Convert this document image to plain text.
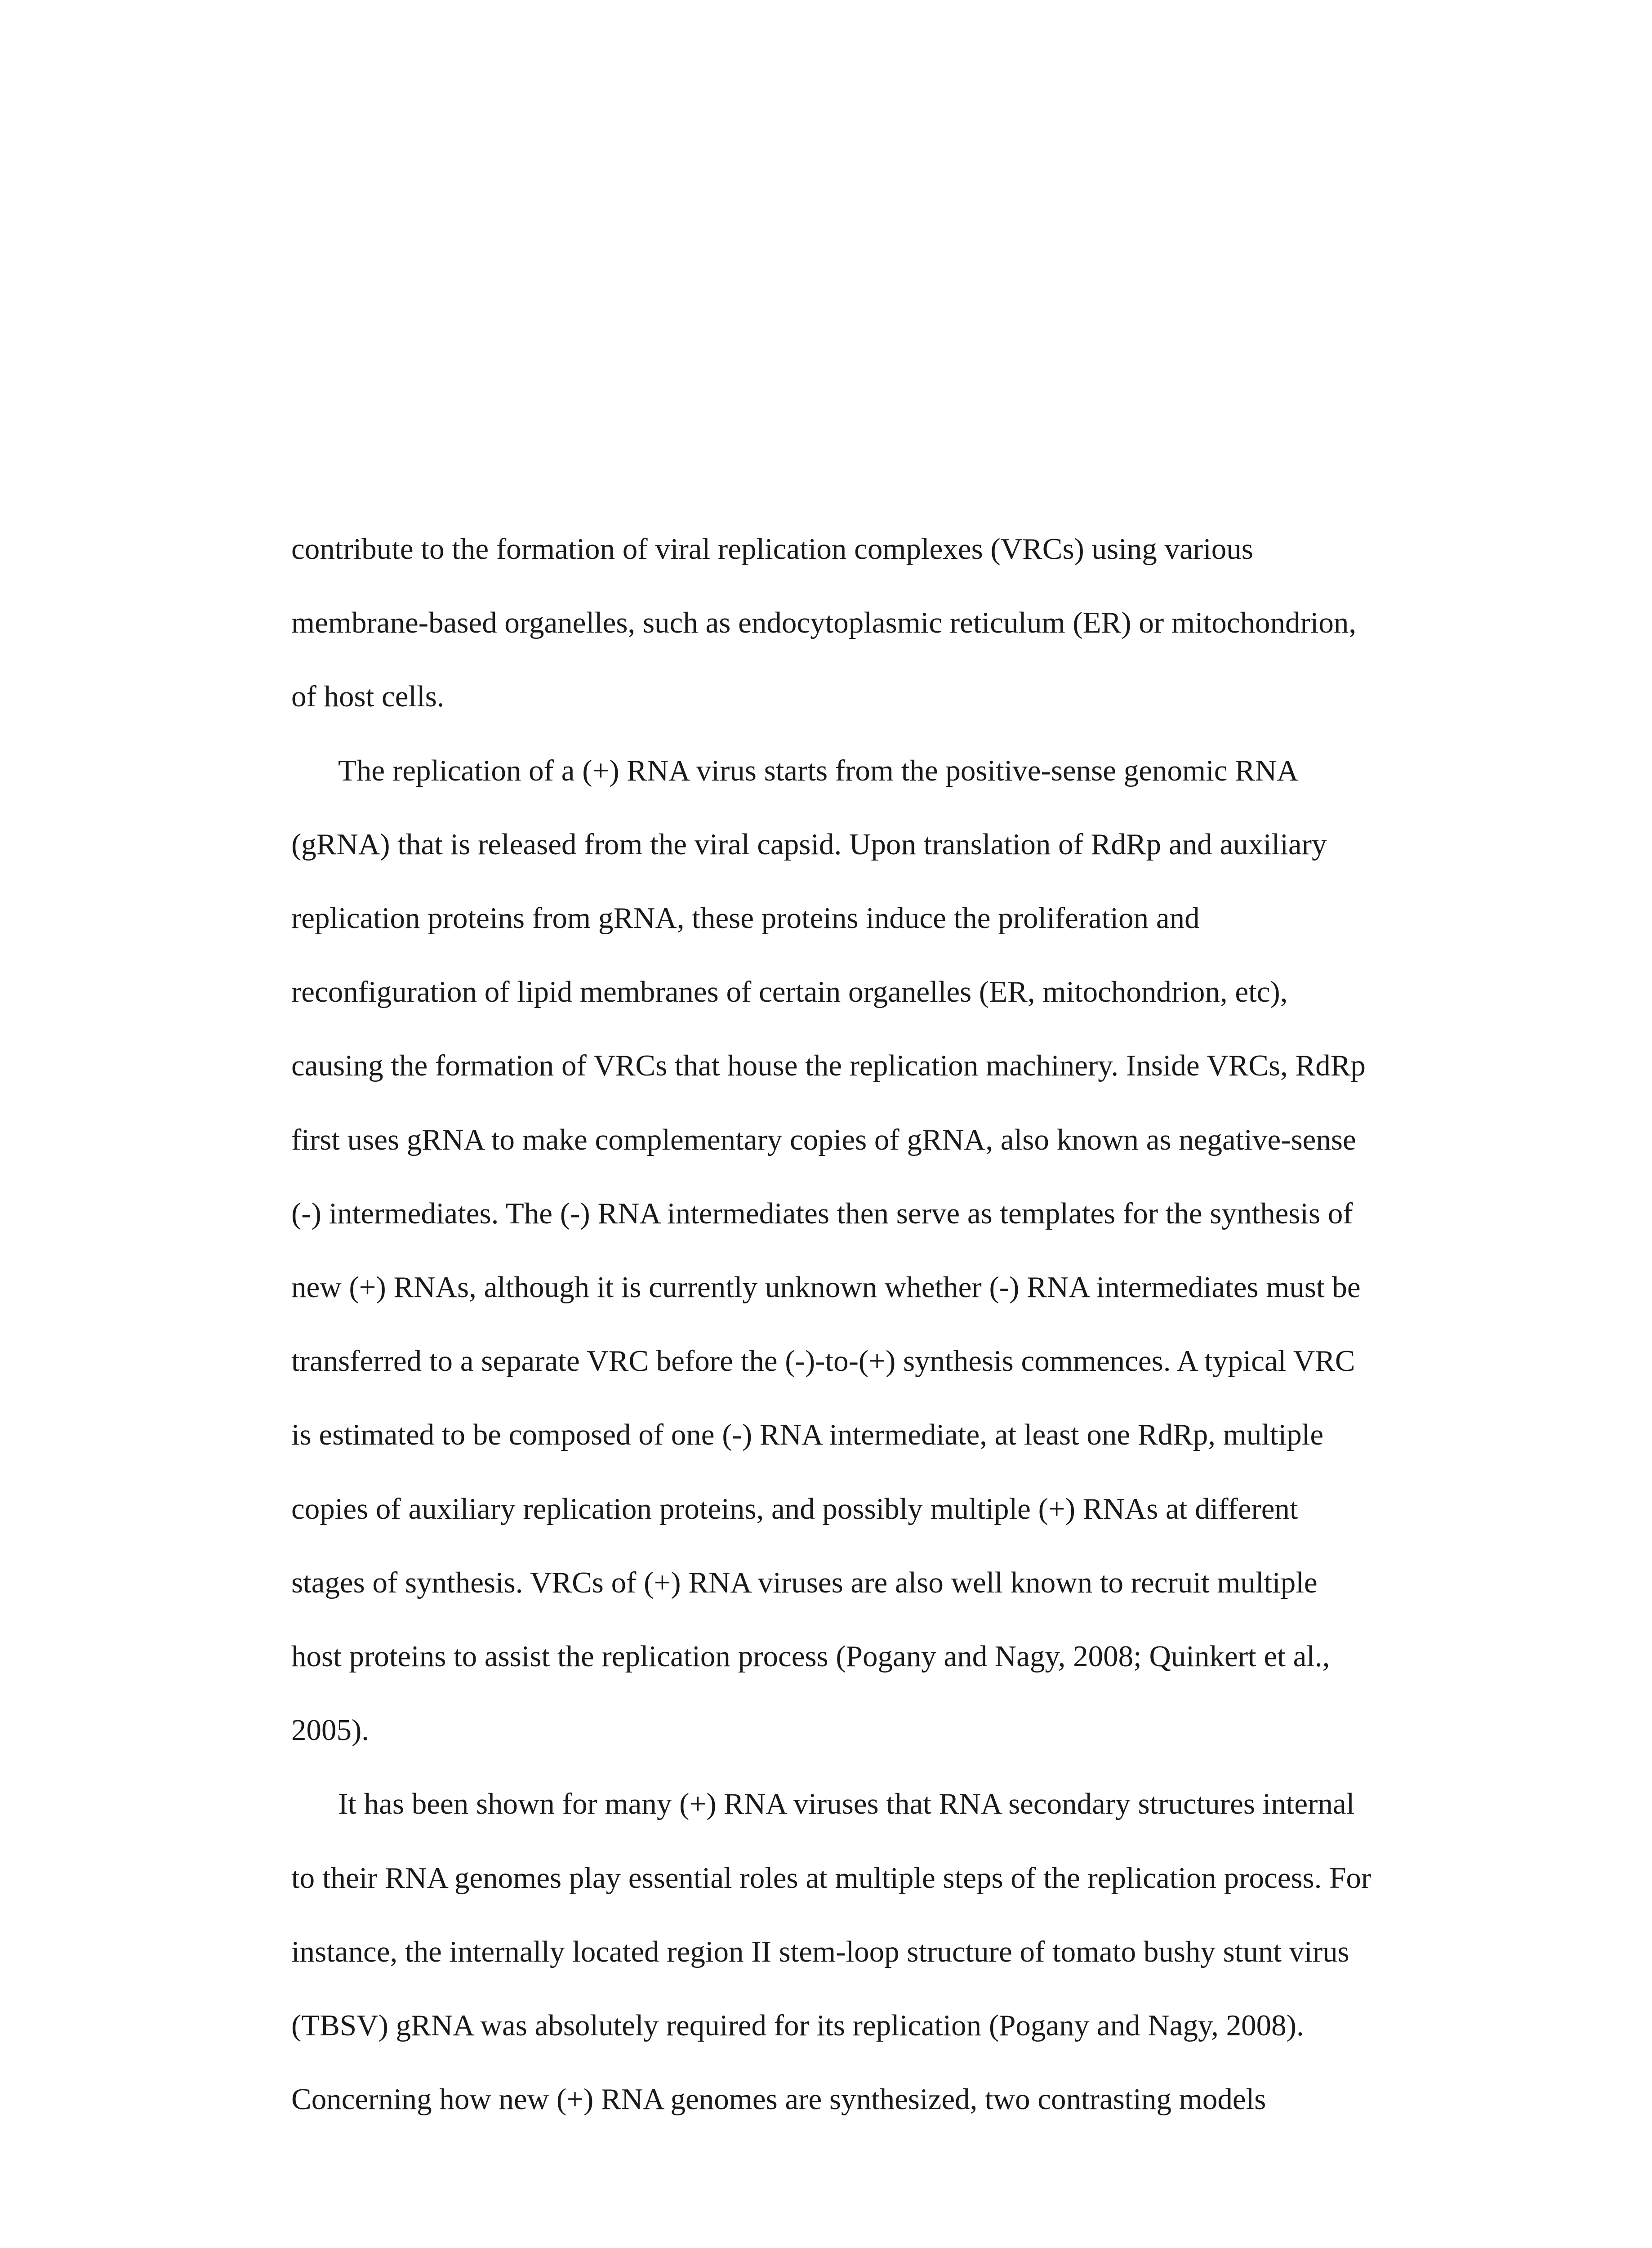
contribute to the formation of viral replication complexes (VRCs) using various
membrane-based organelles, such as endocytoplasmic reticulum (ER) or mitochondrion,
of host cells.

The replication of a (+) RNA virus starts from the positive-sense genomic RNA
(gRNA) that is released from the viral capsid. Upon translation of RdRp and auxiliary
replication proteins from gRNA, these proteins induce the proliferation and
reconfiguration of lipid membranes of certain organelles (ER, mitochondrion, etc),
causing the formation of VRCs that house the replication machinery. Inside VRCs, RdRp
first uses gRNA to make complementary copies of gRNA, also known as negative-sense
(-) intermediates. The (-) RNA intermediates then serve as templates for the synthesis of
new (+) RNAs, although it is currently unknown whether (-) RNA intermediates must be
transferred to a separate VRC before the (-)-to-(+) synthesis commences. A typical VRC
is estimated to be composed of one (-) RNA intermediate, at least one RdRp, multiple
copies of auxiliary replication proteins, and possibly multiple (+) RNAs at different
stages of synthesis. VRCs of (+) RNA viruses are also well known to recruit multiple
host proteins to assist the replication process (Pogany and Nagy, 2008; Quinkert et al.,
2005).

It has been shown for many (+) RNA viruses that RNA secondary structures internal
to their RNA genomes play essential roles at multiple steps of the replication process. For
instance, the internally located region II stem-loop structure of tomato bushy stunt virus
(TBSV) gRNA was absolutely required for its replication (Pogany and Nagy, 2008).
Concerning how new (+) RNA genomes are synthesized, two contrasting models
